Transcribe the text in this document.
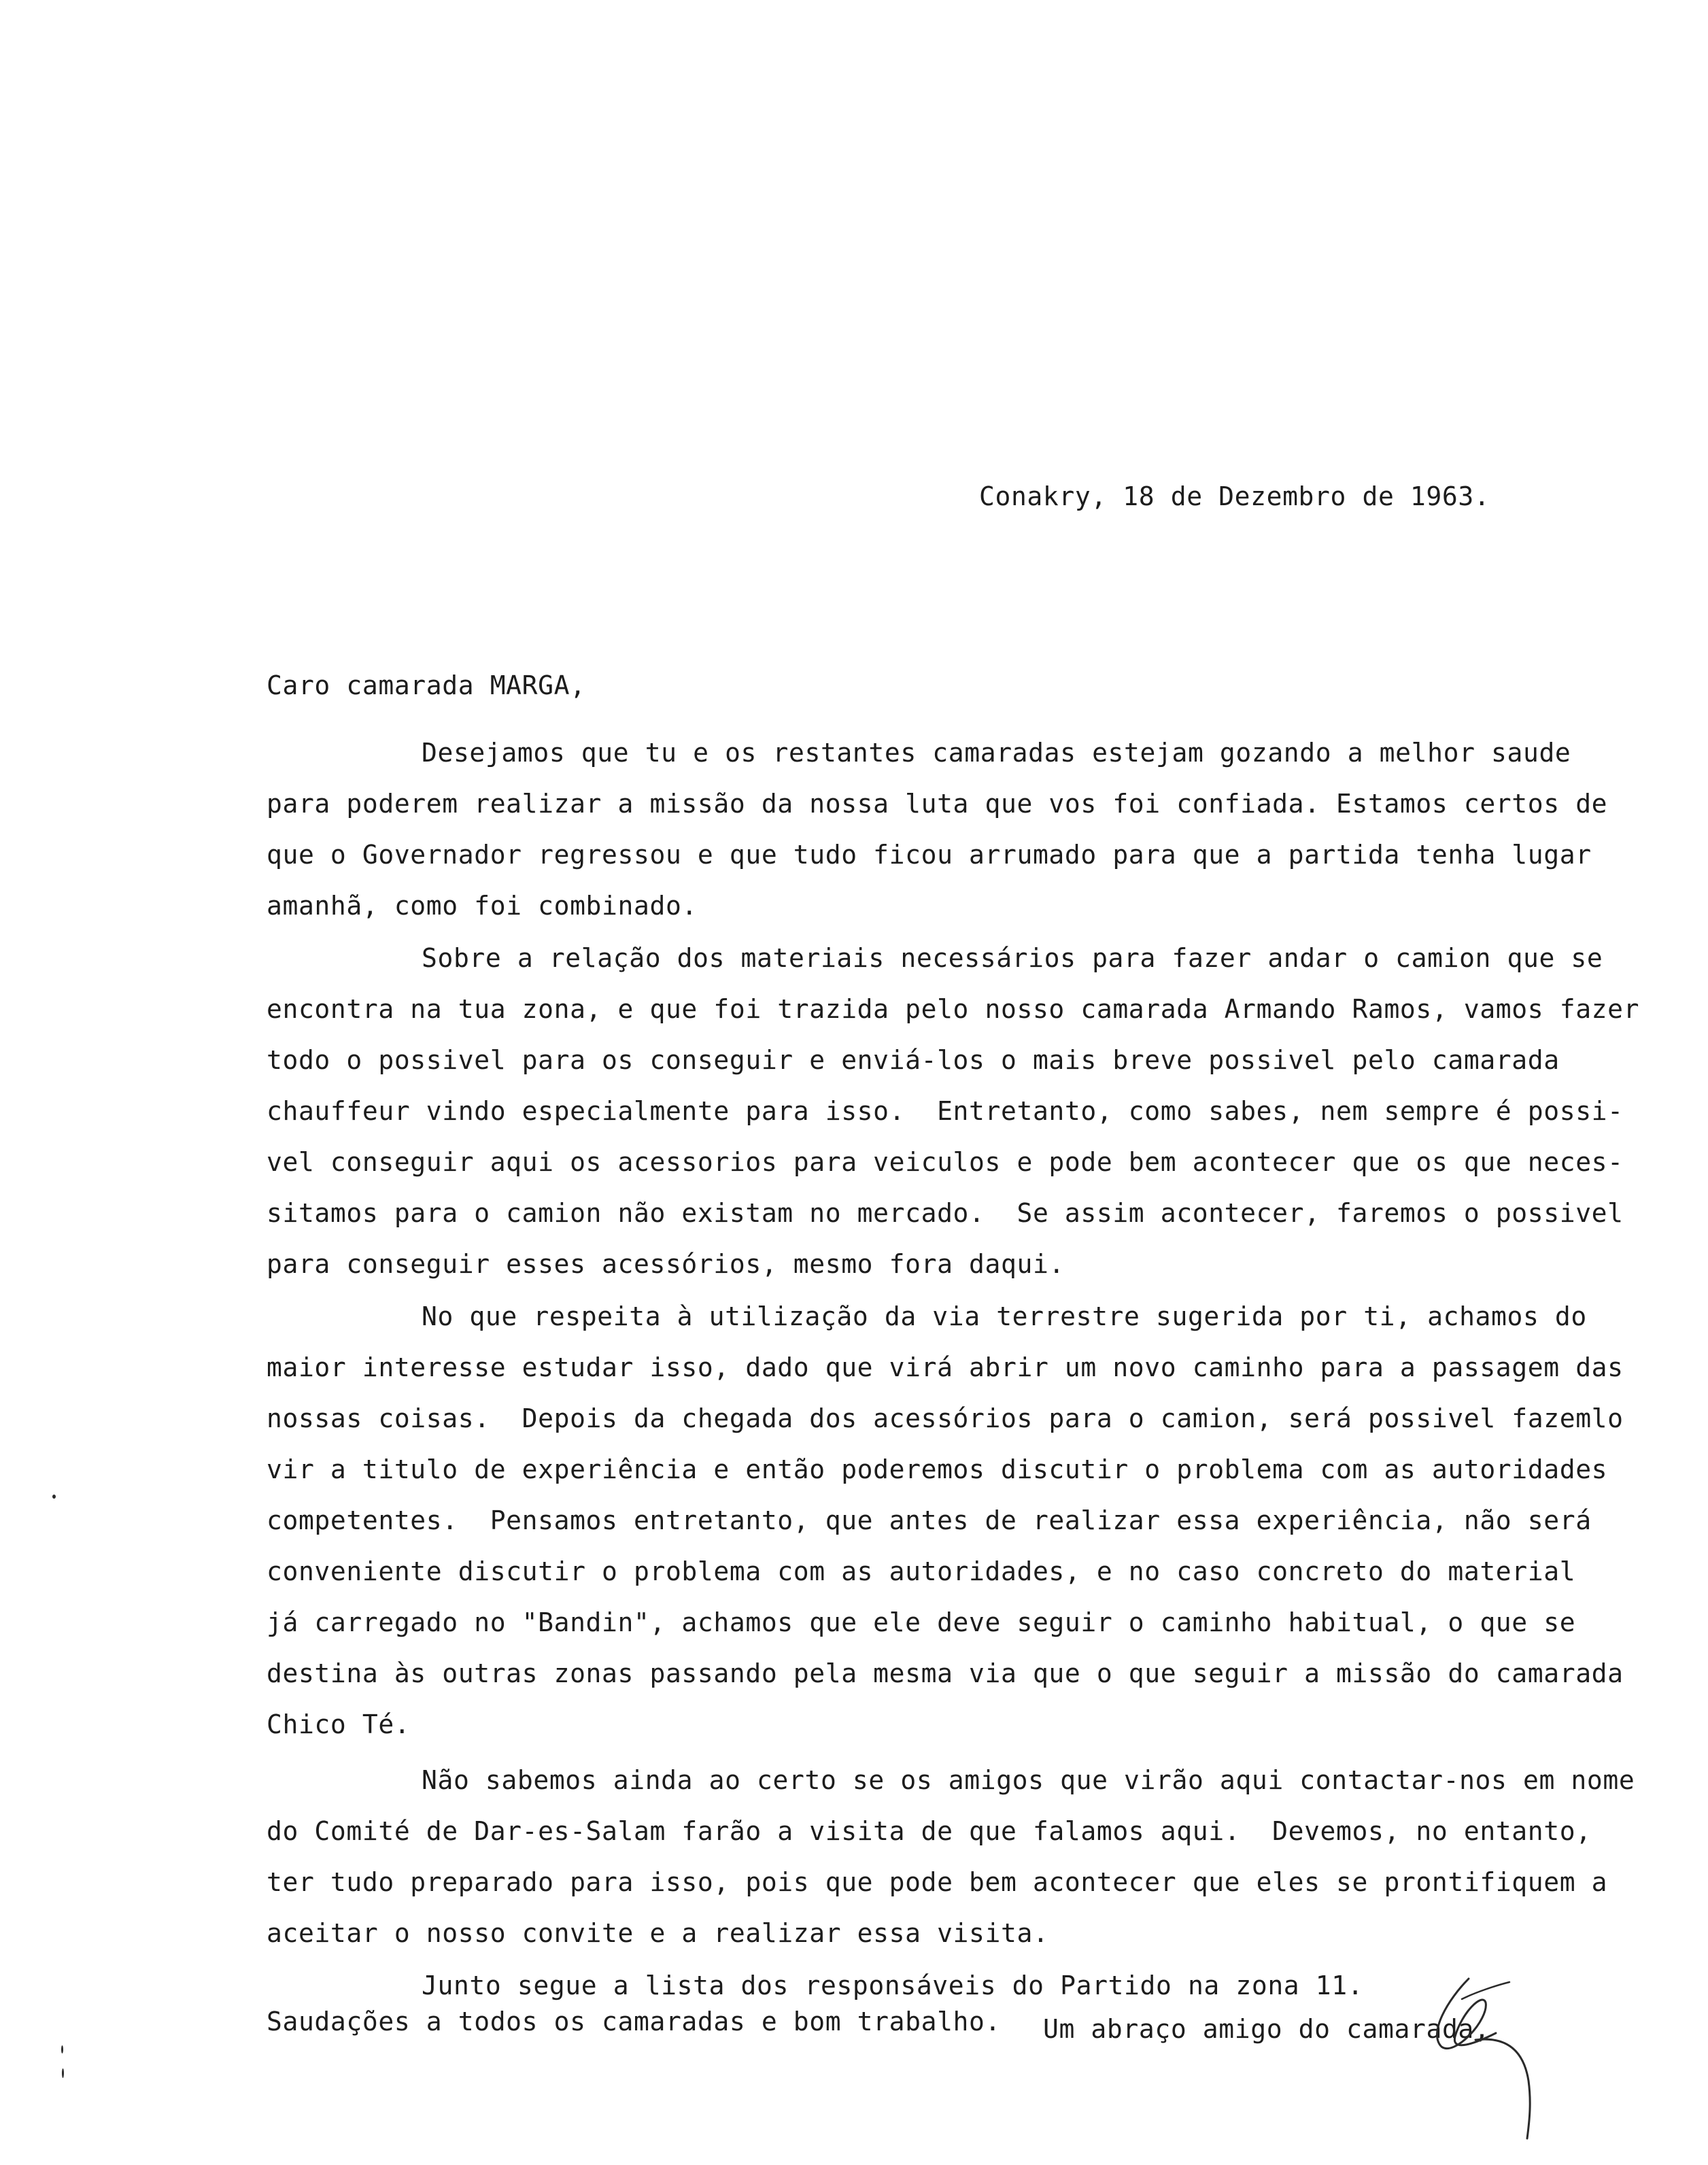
Conakry, 18 de Dezembro de 1963.
Caro camarada MARGA,
Desejamos que tu e os restantes camaradas estejam gozando a melhor saude
para poderem realizar a missão da nossa luta que vos foi confiada. Estamos certos de
que o Governador regressou e que tudo ficou arrumado para que a partida tenha lugar
amanhã, como foi combinado.
Sobre a relação dos materiais necessários para fazer andar o camion que se
encontra na tua zona, e que foi trazida pelo nosso camarada Armando Ramos, vamos fazer
todo o possivel para os conseguir e enviá-los o mais breve possivel pelo camarada
chauffeur vindo especialmente para isso.  Entretanto, como sabes, nem sempre é possi-
vel conseguir aqui os acessorios para veiculos e pode bem acontecer que os que neces-
sitamos para o camion não existam no mercado.  Se assim acontecer, faremos o possivel
para conseguir esses acessórios, mesmo fora daqui.
No que respeita à utilização da via terrestre sugerida por ti, achamos do
maior interesse estudar isso, dado que virá abrir um novo caminho para a passagem das
nossas coisas.  Depois da chegada dos acessórios para o camion, será possivel fazemlo
vir a titulo de experiência e então poderemos discutir o problema com as autoridades
competentes.  Pensamos entretanto, que antes de realizar essa experiência, não será
conveniente discutir o problema com as autoridades, e no caso concreto do material
já carregado no "Bandin", achamos que ele deve seguir o caminho habitual, o que se
destina às outras zonas passando pela mesma via que o que seguir a missão do camarada
Chico Té.
Não sabemos ainda ao certo se os amigos que virão aqui contactar-nos em nome
do Comité de Dar-es-Salam farão a visita de que falamos aqui.  Devemos, no entanto,
ter tudo preparado para isso, pois que pode bem acontecer que eles se prontifiquem a
aceitar o nosso convite e a realizar essa visita.
Junto segue a lista dos responsáveis do Partido na zona 11.
Saudações a todos os camaradas e bom trabalho. Um abraço amigo do camarada,
